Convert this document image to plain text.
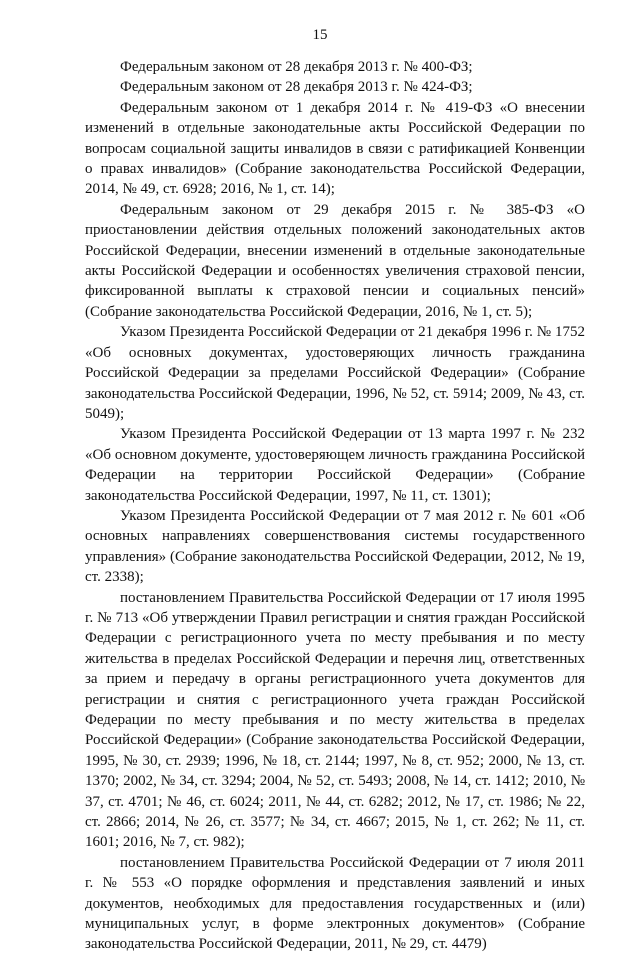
15

Федеральным законом от 28 декабря 2013 г. № 400-ФЗ;

Федеральным законом от 28 декабря 2013 г. № 424-ФЗ;

Федеральным законом от 1 декабря 2014 г. № 419-ФЗ «О внесении изменений в отдельные законодательные акты Российской Федерации по вопросам социальной защиты инвалидов в связи с ратификацией Конвенции о правах инвалидов» (Собрание законодательства Российской Федерации, 2014, № 49, ст. 6928; 2016, № 1, ст. 14);

Федеральным законом от 29 декабря 2015 г. № 385-ФЗ «О приостановлении действия отдельных положений законодательных актов Российской Федерации, внесении изменений в отдельные законодательные акты Российской Федерации и особенностях увеличения страховой пенсии, фиксированной выплаты к страховой пенсии и социальных пенсий» (Собрание законодательства Российской Федерации, 2016, № 1, ст. 5);

Указом Президента Российской Федерации от 21 декабря 1996 г. № 1752 «Об основных документах, удостоверяющих личность гражданина Российской Федерации за пределами Российской Федерации» (Собрание законодательства Российской Федерации, 1996, № 52, ст. 5914; 2009, № 43, ст. 5049);

Указом Президента Российской Федерации от 13 марта 1997 г. № 232 «Об основном документе, удостоверяющем личность гражданина Российской Федерации на территории Российской Федерации» (Собрание законодательства Российской Федерации, 1997, № 11, ст. 1301);

Указом Президента Российской Федерации от 7 мая 2012 г. № 601 «Об основных направлениях совершенствования системы государственного управления» (Собрание законодательства Российской Федерации, 2012, № 19, ст. 2338);

постановлением Правительства Российской Федерации от 17 июля 1995 г. № 713 «Об утверждении Правил регистрации и снятия граждан Российской Федерации с регистрационного учета по месту пребывания и по месту жительства в пределах Российской Федерации и перечня лиц, ответственных за прием и передачу в органы регистрационного учета документов для регистрации и снятия с регистрационного учета граждан Российской Федерации по месту пребывания и по месту жительства в пределах Российской Федерации» (Собрание законодательства Российской Федерации, 1995, № 30, ст. 2939; 1996, № 18, ст. 2144; 1997, № 8, ст. 952; 2000, № 13, ст. 1370; 2002, № 34, ст. 3294; 2004, № 52, ст. 5493; 2008, № 14, ст. 1412; 2010, № 37, ст. 4701; № 46, ст. 6024; 2011, № 44, ст. 6282; 2012, № 17, ст. 1986; № 22, ст. 2866; 2014, № 26, ст. 3577; № 34, ст. 4667; 2015, № 1, ст. 262; № 11, ст. 1601; 2016, № 7, ст. 982);

постановлением Правительства Российской Федерации от 7 июля 2011 г. № 553 «О порядке оформления и представления заявлений и иных документов, необходимых для предоставления государственных и (или) муниципальных услуг, в форме электронных документов» (Собрание законодательства Российской Федерации, 2011, № 29, ст. 4479)
